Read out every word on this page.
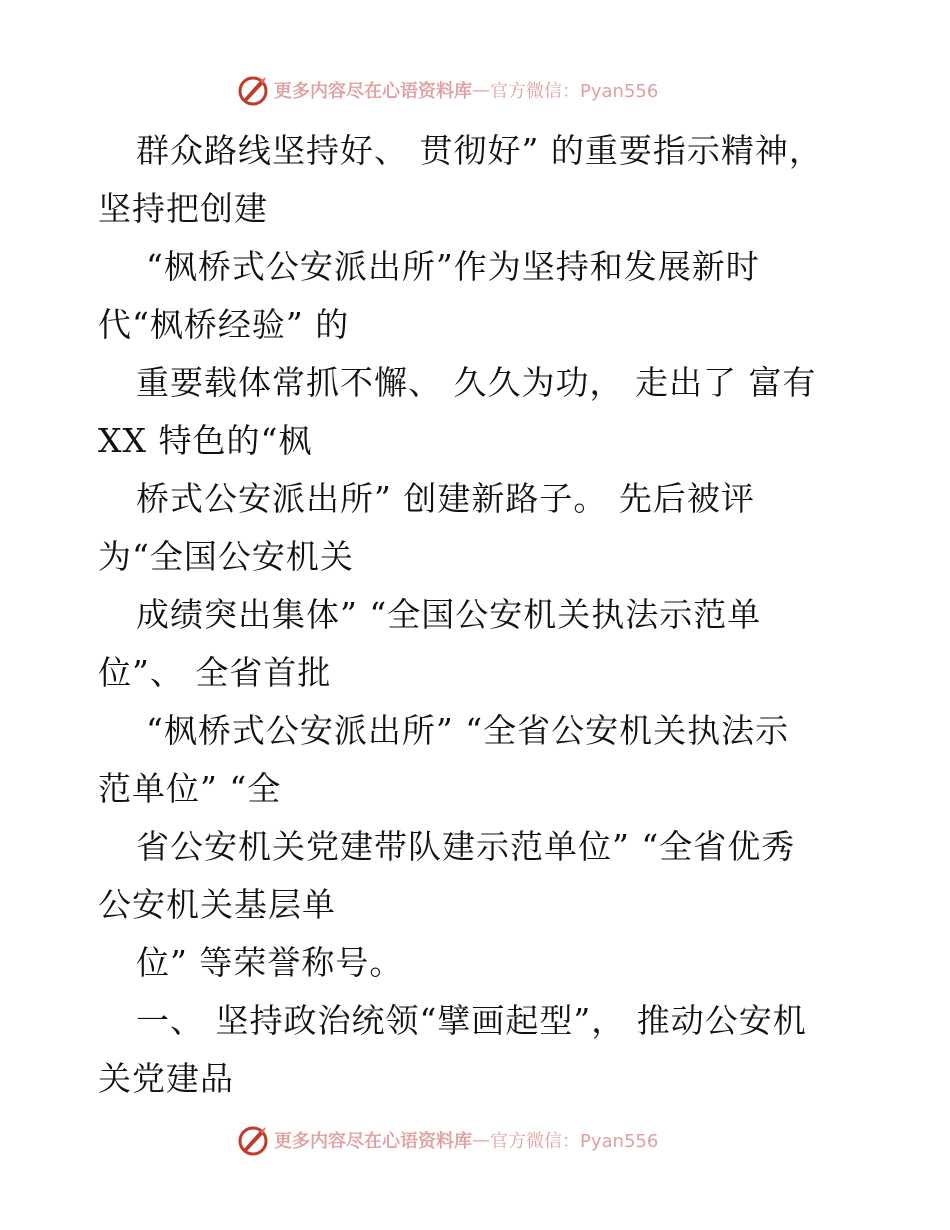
更多内容尽在心语资料库 — 官方微信：Pyan556
群众路线坚持好、 贯彻好” 的重要指示精神，
坚持把创建
“枫桥式公安派出所”作为坚持和发展新时
代“枫桥经验” 的
重要载体常抓不懈、 久久为功， 走出了 富有
XX 特色的“枫
桥式公安派出所” 创建新路子。 先后被评
为“全国公安机关
成绩突出集体” “全国公安机关执法示范单
位”、 全省首批
“枫桥式公安派出所” “全省公安机关执法示
范单位” “全
省公安机关党建带队建示范单位” “全省优秀
公安机关基层单
位” 等荣誉称号。
一、 坚持政治统领“擘画起型”， 推动公安机
关党建品
更多内容尽在心语资料库 — 官方微信：Pyan556
